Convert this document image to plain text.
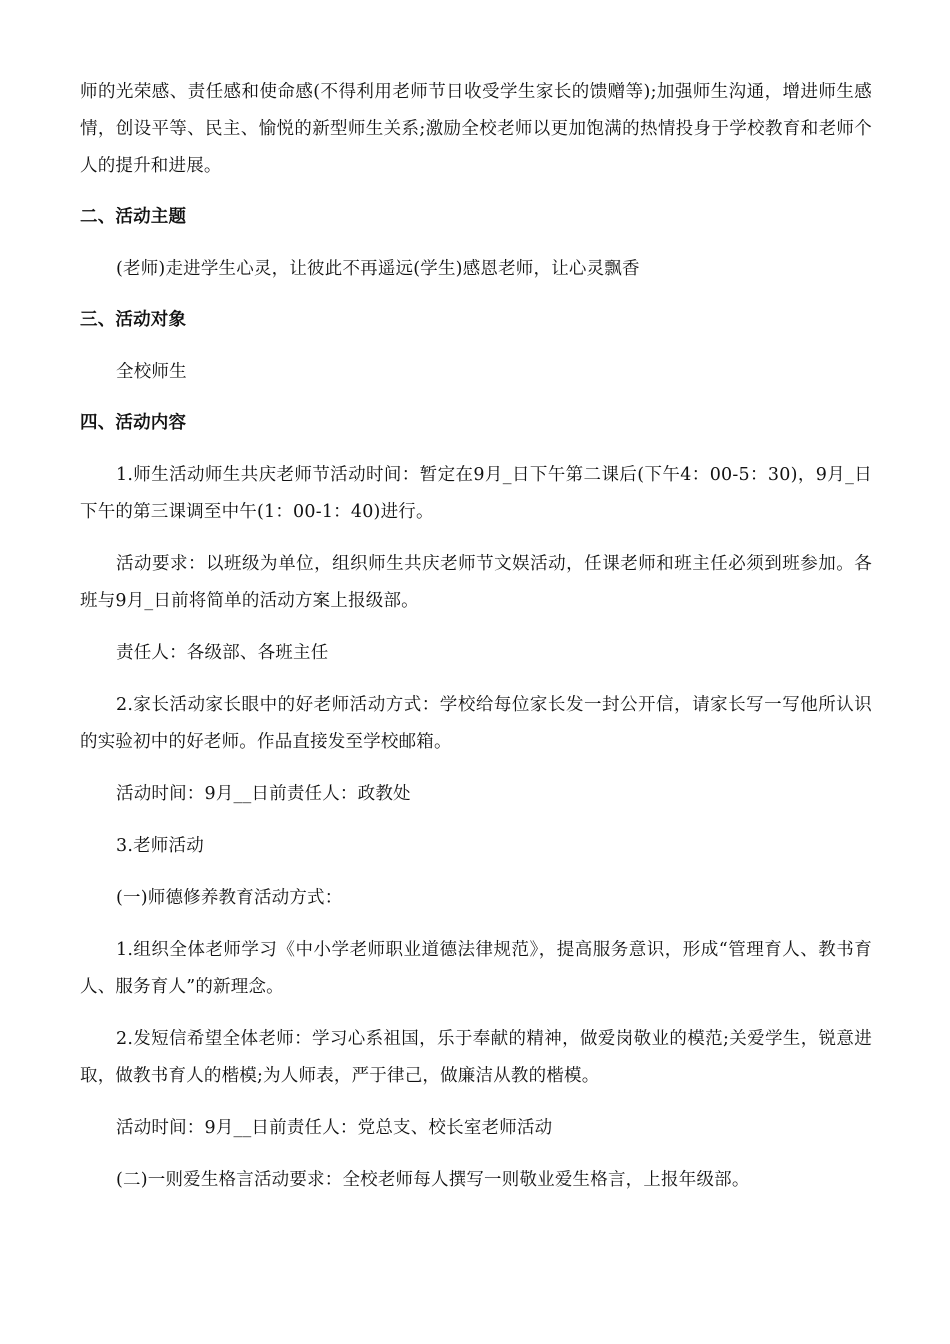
师的光荣感、责任感和使命感(不得利用老师节日收受学生家长的馈赠等);加强师生沟通，增进师生感情，创设平等、民主、愉悦的新型师生关系;激励全校老师以更加饱满的热情投身于学校教育和老师个人的提升和进展。

二、活动主题

(老师)走进学生心灵，让彼此不再遥远(学生)感恩老师，让心灵飘香

三、活动对象

全校师生

四、活动内容

1.师生活动师生共庆老师节活动时间：暂定在9月_日下午第二课后(下午4：00-5：30)，9月_日下午的第三课调至中午(1：00-1：40)进行。

活动要求：以班级为单位，组织师生共庆老师节文娱活动，任课老师和班主任必须到班参加。各班与9月_日前将简单的活动方案上报级部。

责任人：各级部、各班主任

2.家长活动家长眼中的好老师活动方式：学校给每位家长发一封公开信，请家长写一写他所认识的实验初中的好老师。作品直接发至学校邮箱。

活动时间：9月__日前责任人：政教处

3.老师活动

(一)师德修养教育活动方式：

1.组织全体老师学习《中小学老师职业道德法律规范》，提高服务意识，形成“管理育人、教书育人、服务育人”的新理念。

2.发短信希望全体老师：学习心系祖国，乐于奉献的精神，做爱岗敬业的模范;关爱学生，锐意进取，做教书育人的楷模;为人师表，严于律己，做廉洁从教的楷模。

活动时间：9月__日前责任人：党总支、校长室老师活动

(二)一则爱生格言活动要求：全校老师每人撰写一则敬业爱生格言，上报年级部。
